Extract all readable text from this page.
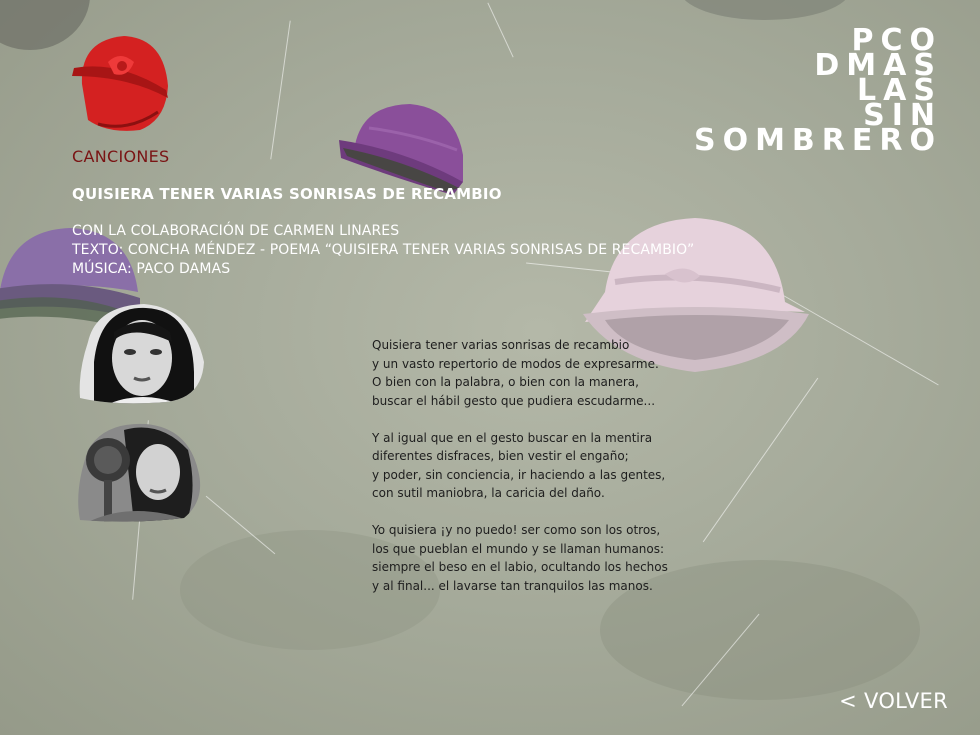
PCO
DMAS
LAS
SIN
SOMBRERO
CANCIONES
QUISIERA TENER VARIAS SONRISAS DE RECAMBIO
CON LA COLABORACIÓN DE CARMEN LINARES
TEXTO: CONCHA MÉNDEZ - POEMA “QUISIERA TENER VARIAS SONRISAS DE RECAMBIO”
MÚSICA: PACO DAMAS
Quisiera tener varias sonrisas de recambio
y un vasto repertorio de modos de expresarme.
O bien con la palabra, o bien con la manera,
buscar el hábil gesto que pudiera escudarme...
Y al igual que en el gesto buscar en la mentira
diferentes disfraces, bien vestir el engaño;
y poder, sin conciencia, ir haciendo a las gentes,
con sutil maniobra, la caricia del daño.
Yo quisiera ¡y no puedo! ser como son los otros,
los que pueblan el mundo y se llaman humanos:
siempre el beso en el labio, ocultando los hechos
y al final... el lavarse tan tranquilos las manos.
< VOLVER
